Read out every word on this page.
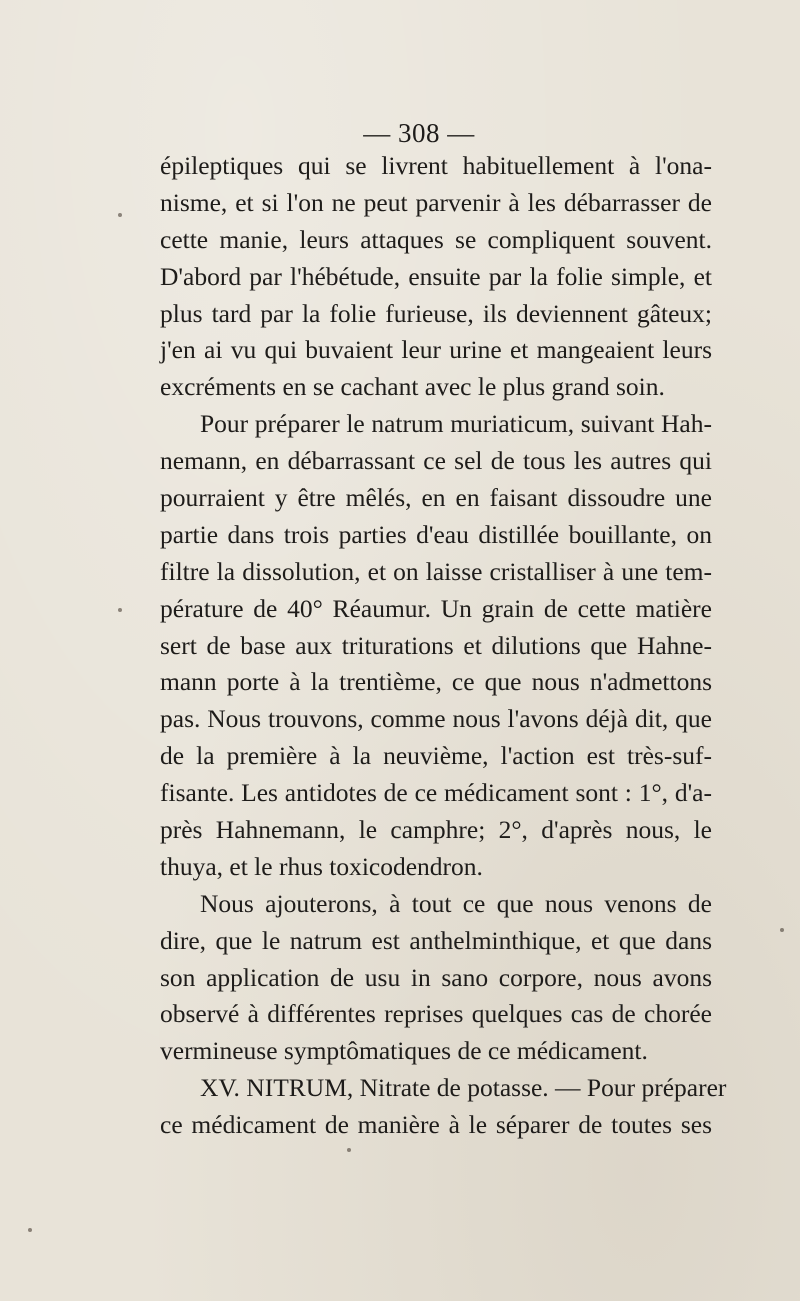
— 308 —
épileptiques qui se livrent habituellement à l'ona-
nisme, et si l'on ne peut parvenir à les débarrasser de
cette manie, leurs attaques se compliquent souvent.
D'abord par l'hébétude, ensuite par la folie simple, et
plus tard par la folie furieuse, ils deviennent gâteux;
j'en ai vu qui buvaient leur urine et mangeaient leurs
excréments en se cachant avec le plus grand soin.
Pour préparer le natrum muriaticum, suivant Hah-
nemann, en débarrassant ce sel de tous les autres qui
pourraient y être mêlés, en en faisant dissoudre une
partie dans trois parties d'eau distillée bouillante, on
filtre la dissolution, et on laisse cristalliser à une tem-
pérature de 40° Réaumur. Un grain de cette matière
sert de base aux triturations et dilutions que Hahne-
mann porte à la trentième, ce que nous n'admettons
pas. Nous trouvons, comme nous l'avons déjà dit, que
de la première à la neuvième, l'action est très-suf-
fisante. Les antidotes de ce médicament sont : 1°, d'a-
près Hahnemann, le camphre; 2°, d'après nous, le
thuya, et le rhus toxicodendron.
Nous ajouterons, à tout ce que nous venons de
dire, que le natrum est anthelminthique, et que dans
son application de usu in sano corpore, nous avons
observé à différentes reprises quelques cas de chorée
vermineuse symptômatiques de ce médicament.
XV. NITRUM, Nitrate de potasse. — Pour préparer
ce médicament de manière à le séparer de toutes ses
